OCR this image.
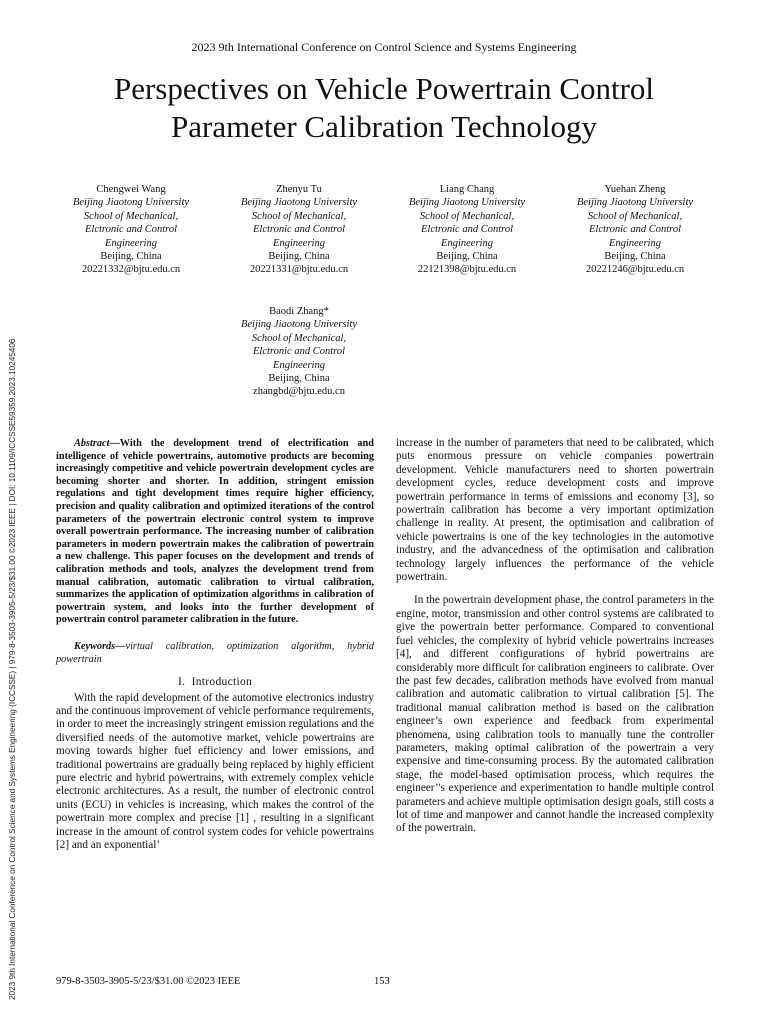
2023 9th International Conference on Control Science and Systems Engineering
Perspectives on Vehicle Powertrain Control
Parameter Calibration Technology
Chengwei Wang
Beijing Jiaotong University
School of Mechanical,
Elctronic and Control
Engineering
Beijing, China
20221332@bjtu.edu.cn
Zhenyu Tu
Beijing Jiaotong University
School of Mechanical,
Elctronic and Control
Engineering
Beijing, China
20221331@bjtu.edu.cn
Liang Chang
Beijing Jiaotong University
School of Mechanical,
Elctronic and Control
Engineering
Beijing, China
22121398@bjtu.edu.cn
Yuehan Zheng
Beijing Jiaotong University
School of Mechanical,
Elctronic and Control
Engineering
Beijing, China
20221246@bjtu.edu.cn
Baodi Zhang*
Beijing Jiaotong University
School of Mechanical,
Elctronic and Control
Engineering
Beijing, China
zhangbd@bjtu.edu.cn
2023 9th International Conference on Control Science and Systems Engineering (ICCSSE) | 979-8-3503-3905-5/23/$31.00 ©2023 IEEE | DOI: 10.1109/ICCSSE59359.2023.10245406	Abstract—With the development trend of electrification and intelligence of vehicle powertrains, automotive products are becoming increasingly competitive and vehicle powertrain development cycles are becoming shorter and shorter. In addition, stringent emission regulations and tight development times require higher efficiency, precision and quality calibration and optimized iterations of the control parameters of the powertrain electronic control system to improve overall powertrain performance. The increasing number of calibration parameters in modern powertrain makes the calibration of powertrain a new challenge. This paper focuses on the development and trends of calibration methods and tools, analyzes the development trend from manual calibration, automatic calibration to virtual calibration, summarizes the application of optimization algorithms in calibration of powertrain system, and looks into the further development of powertrain control parameter calibration in the future.

Keywords—virtual calibration, optimization algorithm, hybrid powertrain

I. Introduction

With the rapid development of the automotive electronics industry and the continuous improvement of vehicle performance requirements, in order to meet the increasingly stringent emission regulations and the diversified needs of the automotive market, vehicle powertrains are moving towards higher fuel efficiency and lower emissions, and traditional powertrains are gradually being replaced by highly efficient pure electric and hybrid powertrains, with extremely complex vehicle electronic architectures. As a result, the number of electronic control units (ECU) in vehicles is increasing, which makes the control of the powertrain more complex and precise [1] , resulting in a significant increase in the amount of control system codes for vehicle powertrains [2] and an exponential’

increase in the number of parameters that need to be calibrated, which puts enormous pressure on vehicle companies powertrain development. Vehicle manufacturers need to shorten powertrain development cycles, reduce development costs and improve powertrain performance in terms of emissions and economy [3], so powertrain calibration has become a very important optimization challenge in reality. At present, the optimisation and calibration of vehicle powertrains is one of the key technologies in the automotive industry, and the advancedness of the optimisation and calibration technology largely influences the performance of the vehicle powertrain.

In the powertrain development phase, the control parameters in the engine, motor, transmission and other control systems are calibrated to give the powertrain better performance. Compared to conventional fuel vehicles, the complexity of hybrid vehicle powertrains increases [4], and different configurations of hybrid powertrains are considerably more difficult for calibration engineers to calibrate. Over the past few decades, calibration methods have evolved from manual calibration and automatic calibration to virtual calibration [5]. The traditional manual calibration method is based on the calibration engineer’s own experience and feedback from experimental phenomena, using calibration tools to manually tune the controller parameters, making optimal calibration of the powertrain a very expensive and time-consuming process. By the automated calibration stage, the model-based optimisation process, which requires the engineer’'s experience and experimentation to handle multiple control parameters and achieve multiple optimisation design goals, still costs a lot of time and manpower and cannot handle the increased complexity of the powertrain.

979-8-3503-3905-5/23/$31.00 ©2023 IEEE	153
